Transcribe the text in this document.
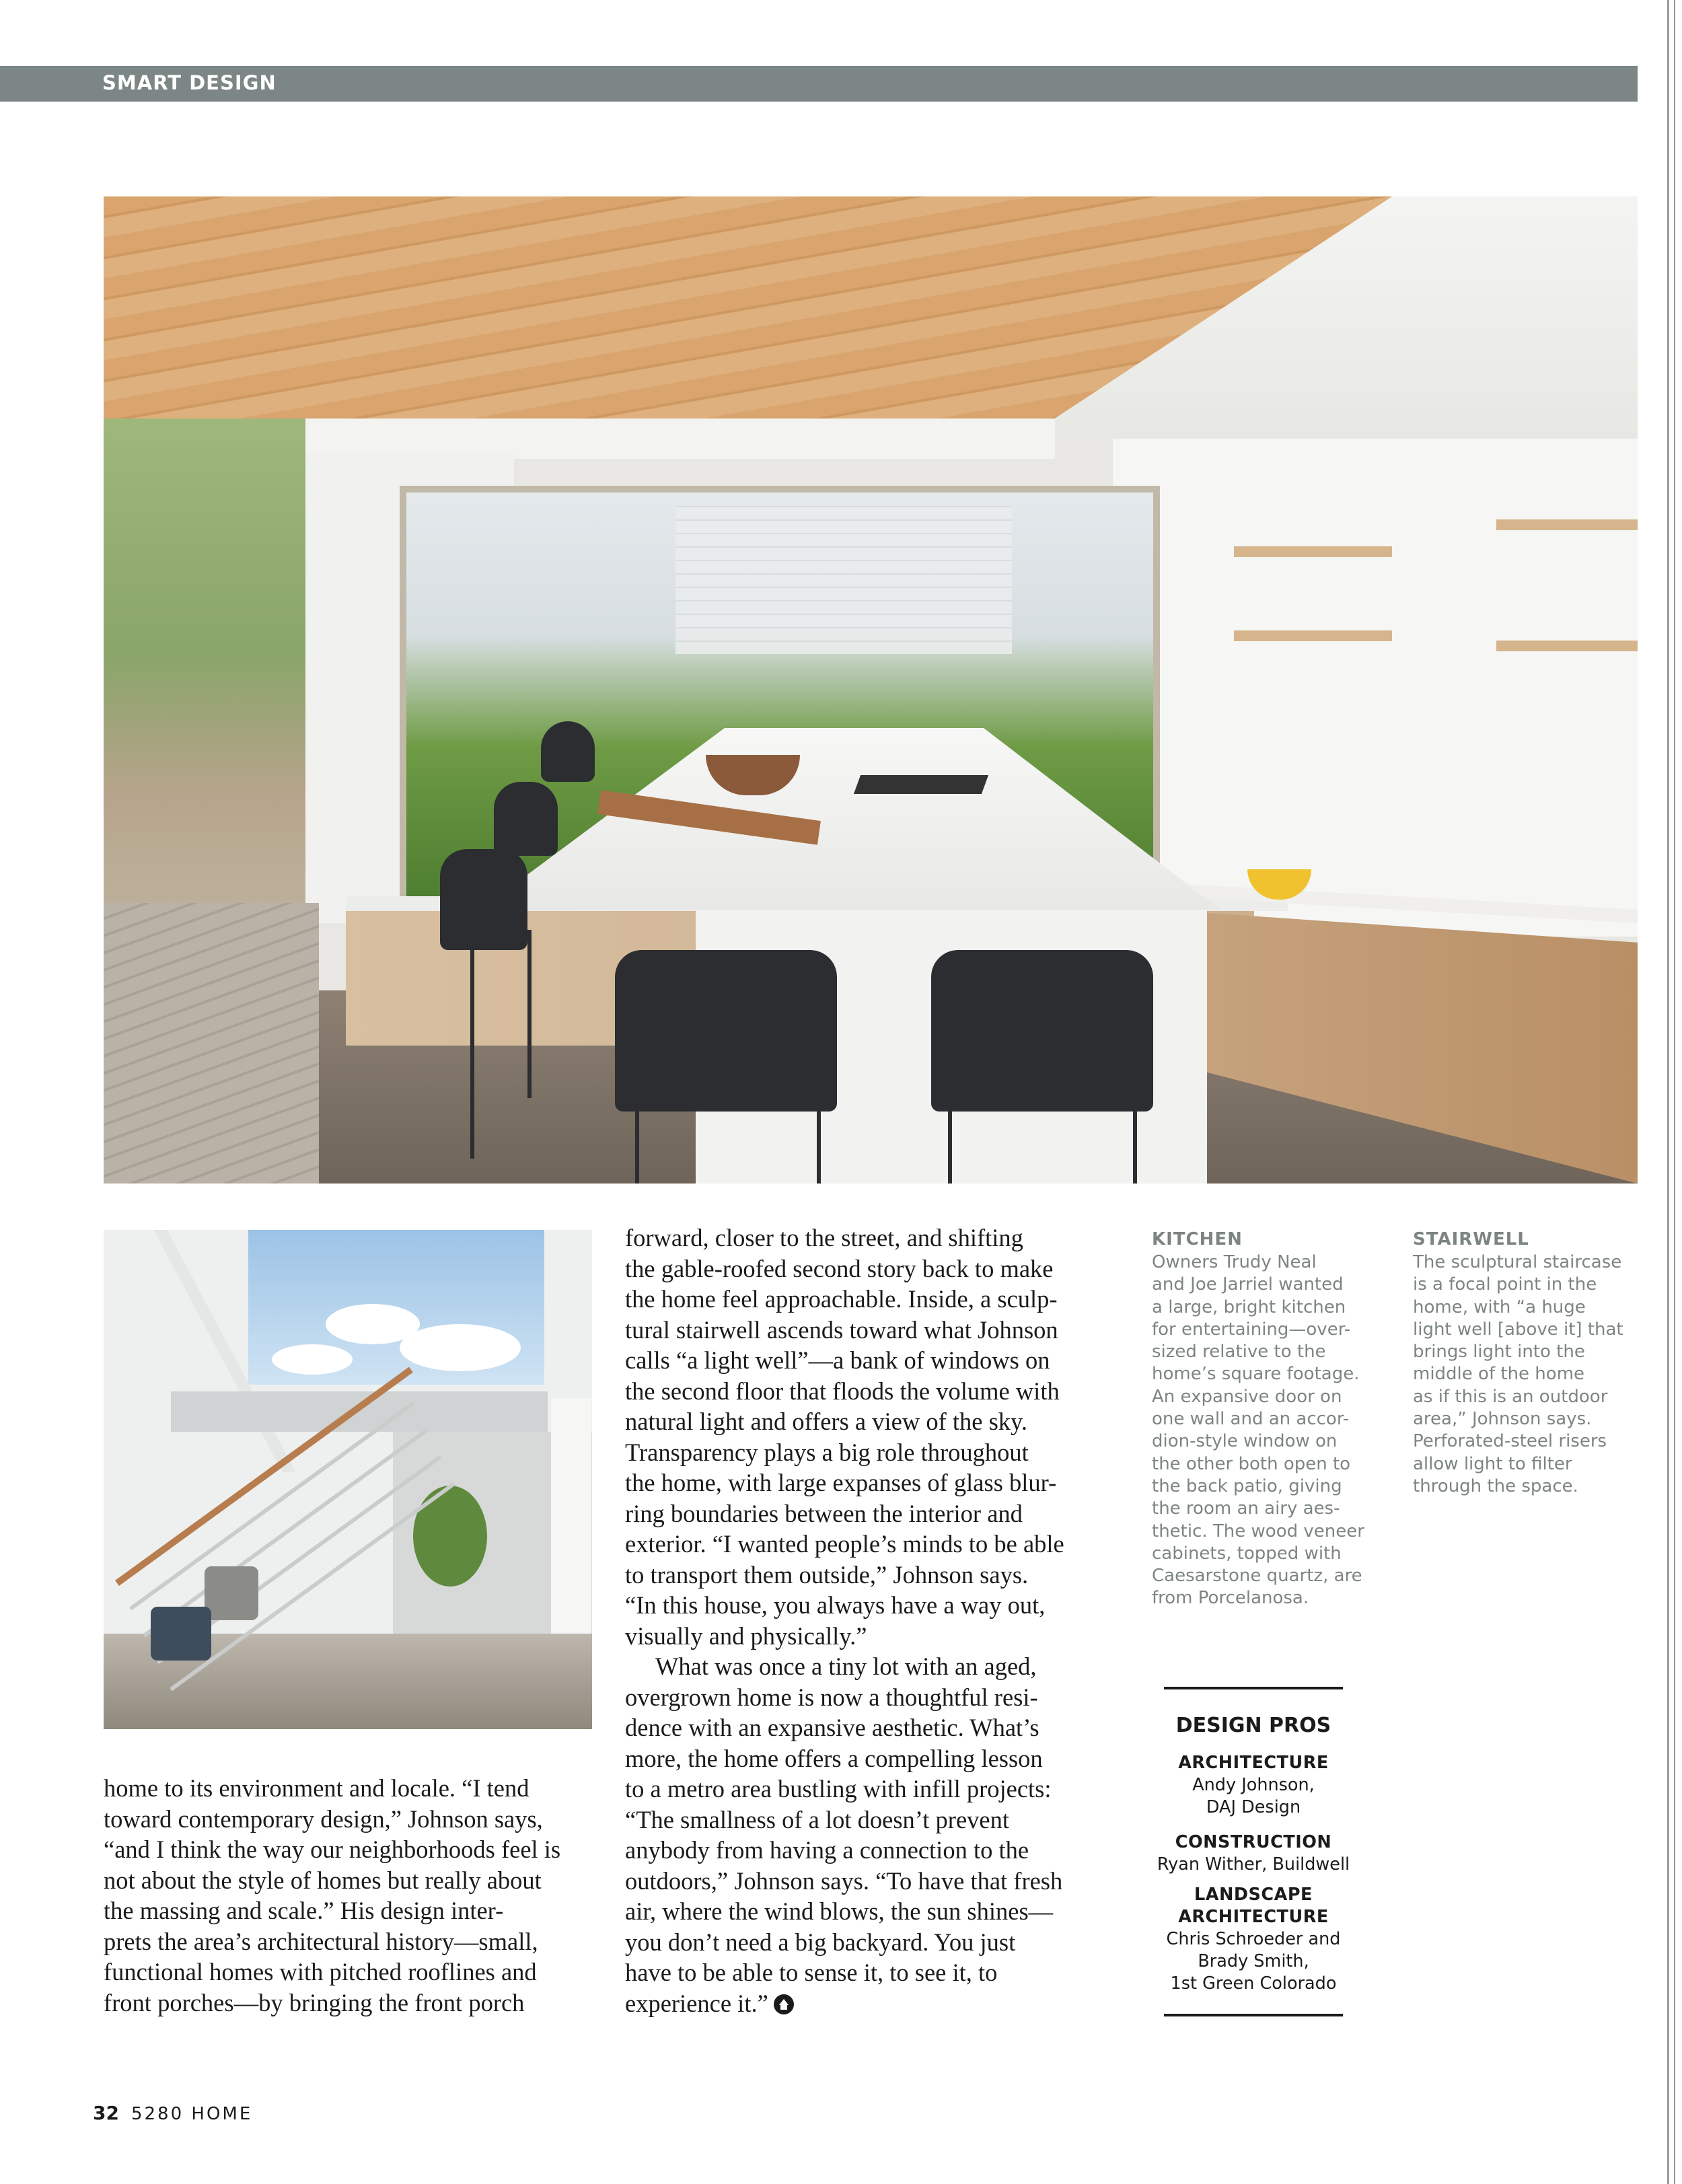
SMART DESIGN

home to its environment and locale. “I tend
toward contemporary design,” Johnson says,
“and I think the way our neighborhoods feel is
not about the style of homes but really about
the massing and scale.” His design inter-
prets the area’s architectural history—small,
functional homes with pitched rooflines and
front porches—by bringing the front porch

forward, closer to the street, and shifting
the gable-roofed second story back to make
the home feel approachable. Inside, a sculp-
tural stairwell ascends toward what Johnson
calls “a light well”—a bank of windows on
the second floor that floods the volume with
natural light and offers a view of the sky.
Transparency plays a big role throughout
the home, with large expanses of glass blur-
ring boundaries between the interior and
exterior. “I wanted people’s minds to be able
to transport them outside,” Johnson says.
“In this house, you always have a way out,
visually and physically.”
What was once a tiny lot with an aged,
overgrown home is now a thoughtful resi-
dence with an expansive aesthetic. What’s
more, the home offers a compelling lesson
to a metro area bustling with infill projects:
“The smallness of a lot doesn’t prevent
anybody from having a connection to the
outdoors,” Johnson says. “To have that fresh
air, where the wind blows, the sun shines—
you don’t need a big backyard. You just
have to be able to sense it, to see it, to
experience it.”
KITCHEN

Owners Trudy Neal
and Joe Jarriel wanted
a large, bright kitchen
for entertaining—over-
sized relative to the
home’s square footage.
An expansive door on
one wall and an accor-
dion-style window on
the other both open to
the back patio, giving
the room an airy aes-
thetic. The wood veneer
cabinets, topped with
Caesarstone quartz, are
from Porcelanosa.

STAIRWELL

The sculptural staircase
is a focal point in the
home, with “a huge
light well [above it] that
brings light into the
middle of the home
as if this is an outdoor
area,” Johnson says.
Perforated-steel risers
allow light to filter
through the space.

DESIGN PROS
ARCHITECTURE
Andy Johnson,
DAJ Design
CONSTRUCTION
Ryan Wither, Buildwell
LANDSCAPE
ARCHITECTURE
Chris Schroeder and
Brady Smith,
1st Green Colorado
32 5280 HOME
